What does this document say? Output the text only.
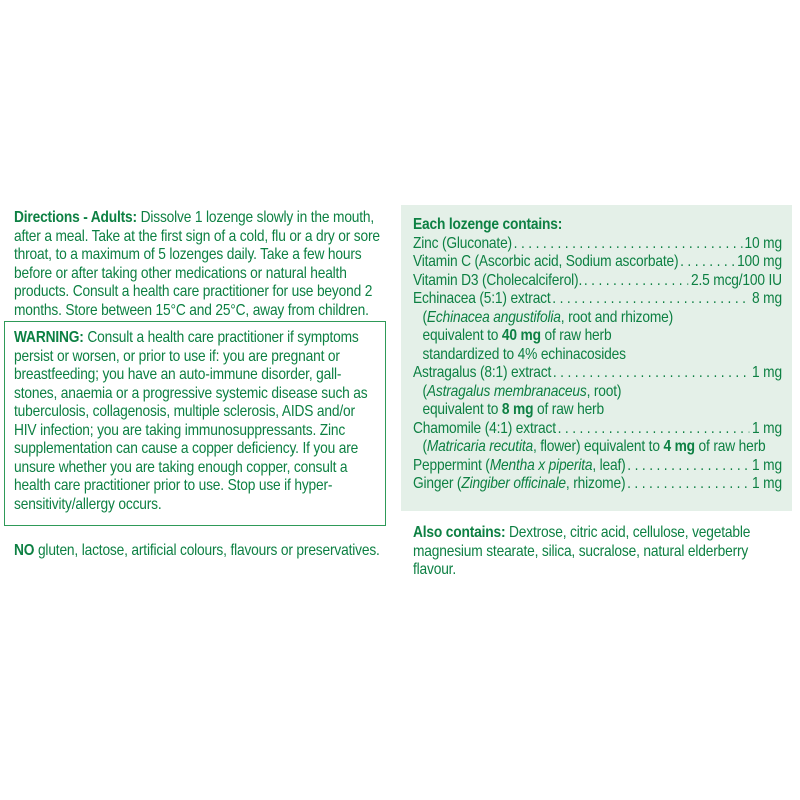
Directions - Adults: Dissolve 1 lozenge slowly in the mouth, after a meal. Take at the first sign of a cold, flu or a dry or sore throat, to a maximum of 5 lozenges daily. Take a few hours before or after taking other medications or natural health products. Consult a health care practitioner for use beyond 2 months. Store between 15°C and 25°C, away from children.

WARNING: Consult a health care practitioner if symptoms persist or worsen, or prior to use if: you are pregnant or breastfeeding; you have an auto-immune disorder, gall-stones, anaemia or a progressive systemic disease such as tuberculosis, collagenosis, multiple sclerosis, AIDS and/or HIV infection; you are taking immunosuppressants. Zinc supplementation can cause a copper deficiency. If you are unsure whether you are taking enough copper, consult a health care practitioner prior to use. Stop use if hyper-sensitivity/allergy occurs.

NO gluten, lactose, artificial colours, flavours or preservatives.

Each lozenge contains:

Zinc (Gluconate) . . .	10 mg
Vitamin C (Ascorbic acid, Sodium ascorbate) . . .	100 mg
Vitamin D3 (Cholecalciferol). . . .	2.5 mcg/100 IU
Echinacea (5:1) extract . . .	8 mg
(Echinacea angustifolia, root and rhizome)
equivalent to 40 mg of raw herb
standardized to 4% echinacosides
Astragalus (8:1) extract . . .	1 mg
(Astragalus membranaceus, root)
equivalent to 8 mg of raw herb
Chamomile (4:1) extract . . .	1 mg
(Matricaria recutita, flower) equivalent to 4 mg of raw herb
Peppermint (Mentha x piperita, leaf) . . .	1 mg
Ginger (Zingiber officinale, rhizome) . . .	1 mg

Also contains: Dextrose, citric acid, cellulose, vegetable magnesium stearate, silica, sucralose, natural elderberry flavour.
